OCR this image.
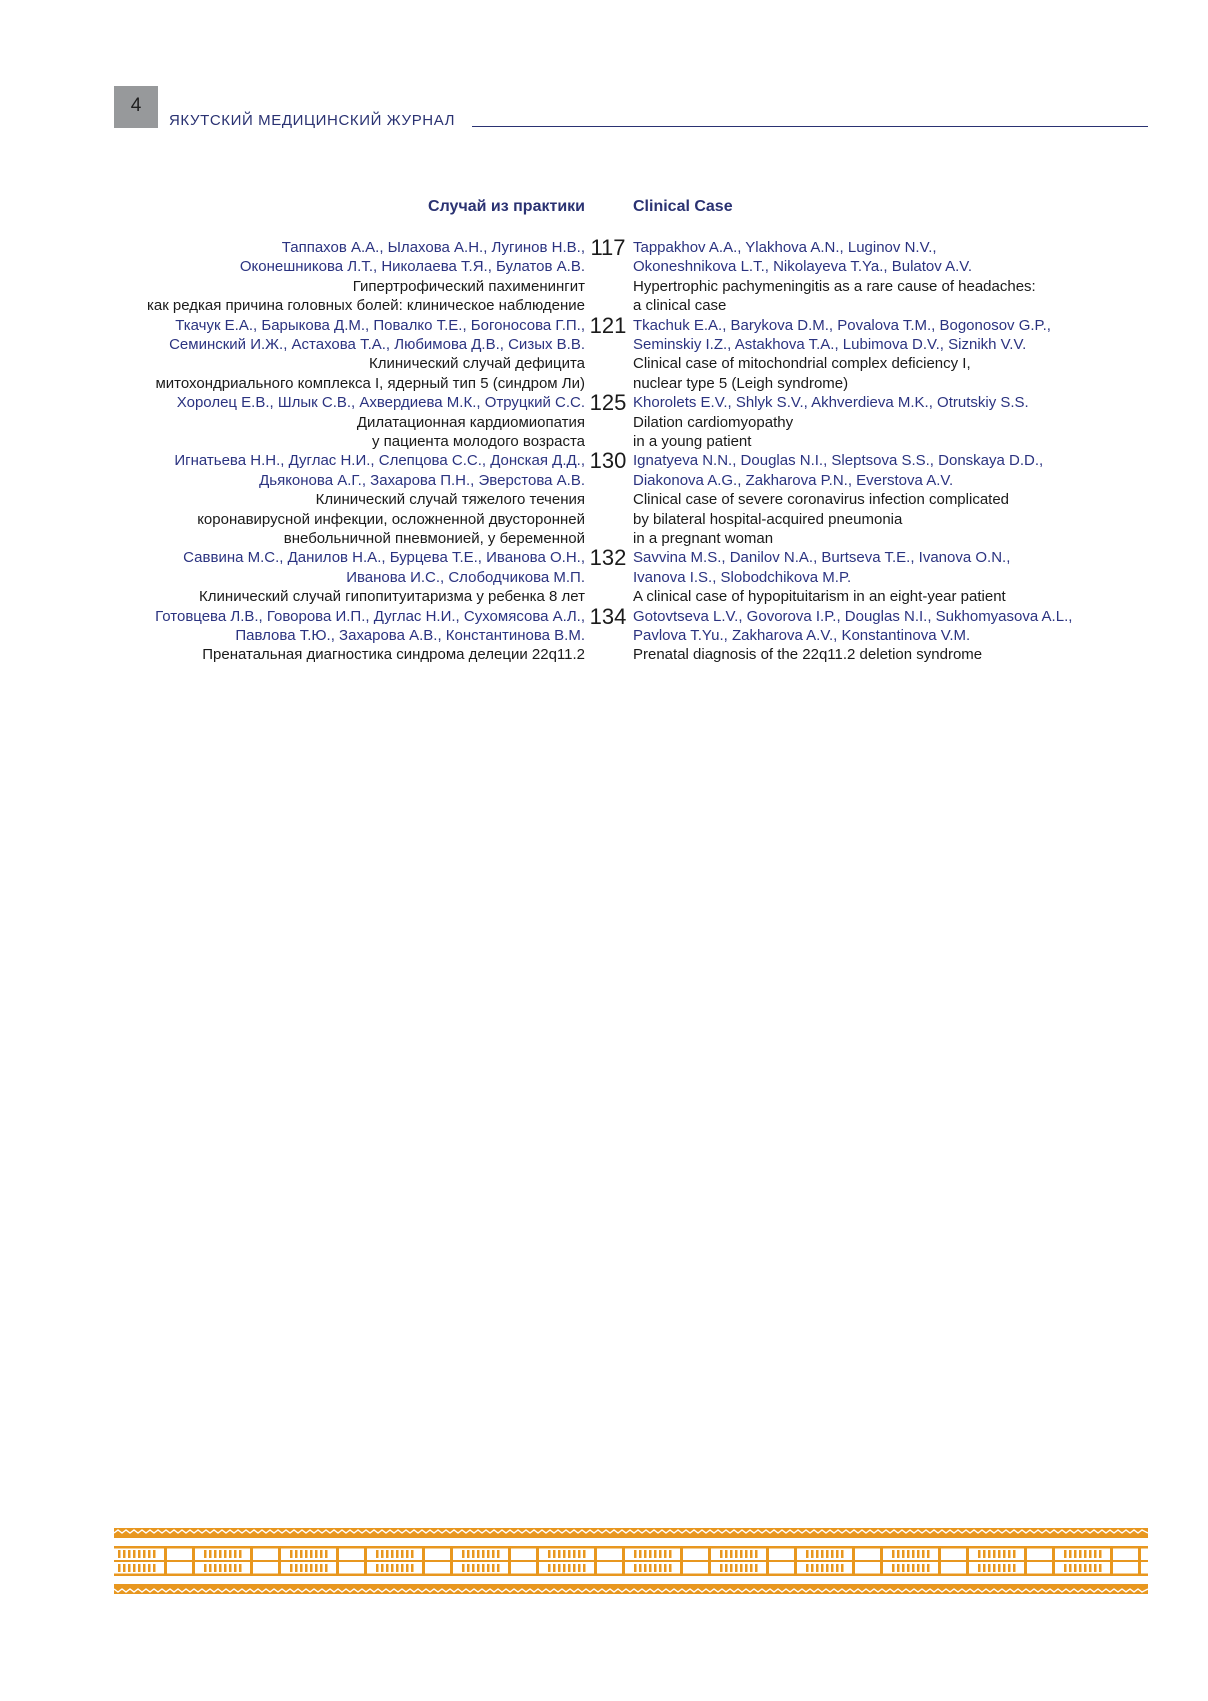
4
ЯКУТСКИЙ МЕДИЦИНСКИЙ ЖУРНАЛ
Случай из практики	Clinical Case
117
Таппахов А.А., Ылахова А.Н., Лугинов Н.В.,
Оконешникова Л.Т., Николаева Т.Я., Булатов А.В.
Гипертрофический пахименингит
как редкая причина головных болей: клиническое наблюдение
Tappakhov A.A., Ylakhova A.N., Luginov N.V.,
Okoneshnikova L.T., Nikolayeva T.Ya., Bulatov A.V.
Hypertrophic pachymeningitis as a rare cause of headaches:
a clinical case
121
Ткачук Е.А., Барыкова Д.М., Повалко Т.Е., Богоносова Г.П.,
Семинский И.Ж., Астахова Т.А., Любимова Д.В., Сизых В.В.
Клинический случай дефицита
митохондриального комплекса I, ядерный тип 5 (синдром Ли)
Tkachuk E.A., Barykova D.M., Povalova T.M., Bogonosov G.P.,
Seminskiy I.Z., Astakhova T.A., Lubimova D.V., Siznikh V.V.
Clinical case of mitochondrial complex deficiency I,
nuclear type 5 (Leigh syndrome)
125
Хоролец Е.В., Шлык С.В., Ахвердиева М.К., Отруцкий С.С.
Дилатационная кардиомиопатия
у пациента молодого возраста
Khorolets E.V., Shlyk S.V., Akhverdieva M.K., Otrutskiy S.S.
Dilation cardiomyopathy
in a young patient
130
Игнатьева Н.Н., Дуглас Н.И., Слепцова С.С., Донская Д.Д.,
Дьяконова А.Г., Захарова П.Н., Эверстова А.В.
Клинический случай тяжелого течения
коронавирусной инфекции, осложненной двусторонней
внебольничной пневмонией, у беременной
Ignatyeva N.N., Douglas N.I., Sleptsova S.S., Donskaya D.D.,
Diakonova A.G., Zakharova P.N., Everstova A.V.
Clinical case of severe coronavirus infection complicated
by bilateral hospital-acquired pneumonia
in a pregnant woman
132
Саввина М.С., Данилов Н.А., Бурцева Т.Е., Иванова О.Н.,
Иванова И.С., Слободчикова М.П.
Клинический случай гипопитуитаризма у ребенка 8 лет
Savvina M.S., Danilov N.A., Burtseva T.E., Ivanova O.N.,
Ivanova I.S., Slobodchikova M.P.
A clinical case of hypopituitarism in an eight-year patient
134
Готовцева Л.В., Говорова И.П., Дуглас Н.И., Сухомясова А.Л.,
Павлова Т.Ю., Захарова А.В., Константинова В.М.
Пренатальная диагностика синдрома делеции 22q11.2
Gotovtseva L.V., Govorova I.P., Douglas N.I., Sukhomyasova A.L.,
Pavlova T.Yu., Zakharova A.V., Konstantinova V.M.
Prenatal diagnosis of the 22q11.2 deletion syndrome
